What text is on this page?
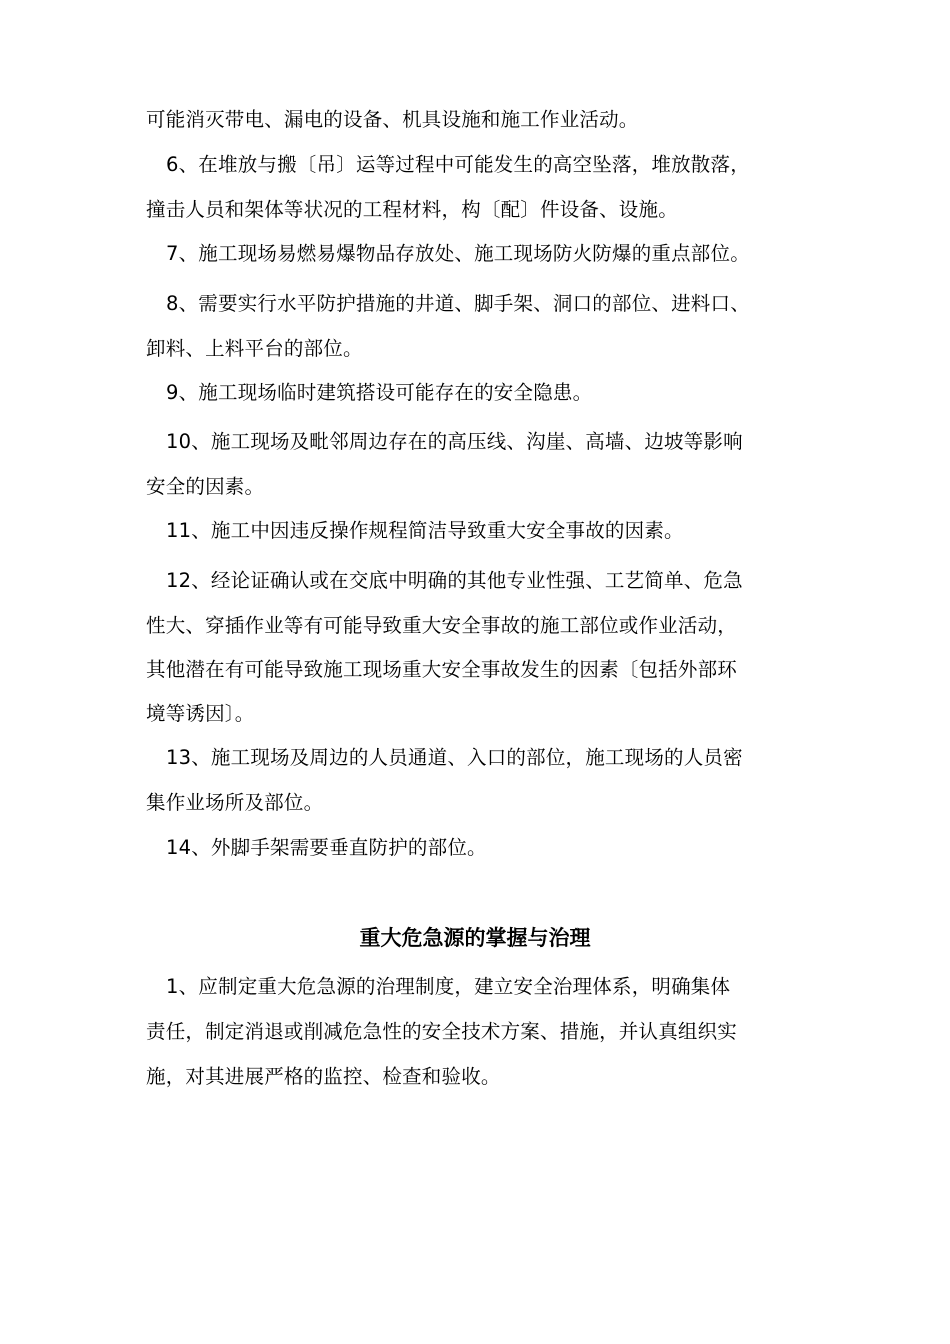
可能消灭带电、漏电的设备、机具设施和施工作业活动。
6、在堆放与搬〔吊〕运等过程中可能发生的高空坠落，堆放散落，
撞击人员和架体等状况的工程材料，构〔配〕件设备、设施。
7、施工现场易燃易爆物品存放处、施工现场防火防爆的重点部位。
8、需要实行水平防护措施的井道、脚手架、洞口的部位、进料口、
卸料、上料平台的部位。
9、施工现场临时建筑搭设可能存在的安全隐患。
10、施工现场及毗邻周边存在的高压线、沟崖、高墙、边坡等影响
安全的因素。
11、施工中因违反操作规程简洁导致重大安全事故的因素。
12、经论证确认或在交底中明确的其他专业性强、工艺简单、危急
性大、穿插作业等有可能导致重大安全事故的施工部位或作业活动，
其他潜在有可能导致施工现场重大安全事故发生的因素〔包括外部环
境等诱因〕。
13、施工现场及周边的人员通道、入口的部位，施工现场的人员密
集作业场所及部位。
14、外脚手架需要垂直防护的部位。
重大危急源的掌握与治理
1、应制定重大危急源的治理制度，建立安全治理体系，明确集体
责任，制定消退或削减危急性的安全技术方案、措施，并认真组织实
施，对其进展严格的监控、检查和验收。
